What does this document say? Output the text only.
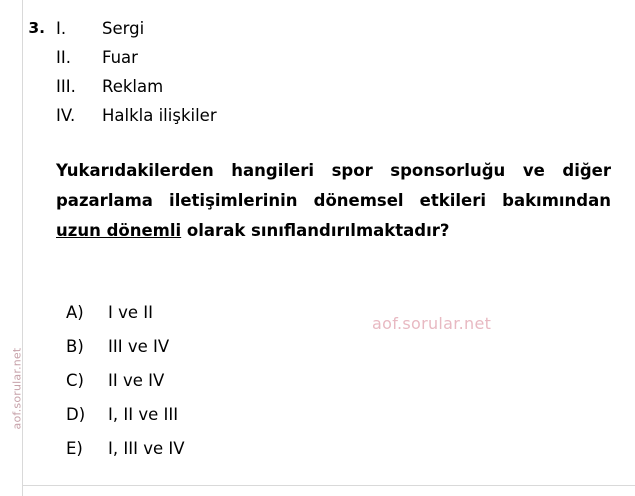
aof.sorular.net
3. I.	Sergi
II.	Fuar
III.	Reklam
IV.	Halkla ilişkiler
Yukarıdakilerden hangileri spor sponsorluğu ve diğer pazarlama iletişimlerinin dönemsel etkileri bakımından uzun dönemli olarak sınıflandırılmaktadır?
A)	I ve II
B)	III ve IV
C)	II ve IV
D)	I, II ve III
E)	I, III ve IV
aof.sorular.net
